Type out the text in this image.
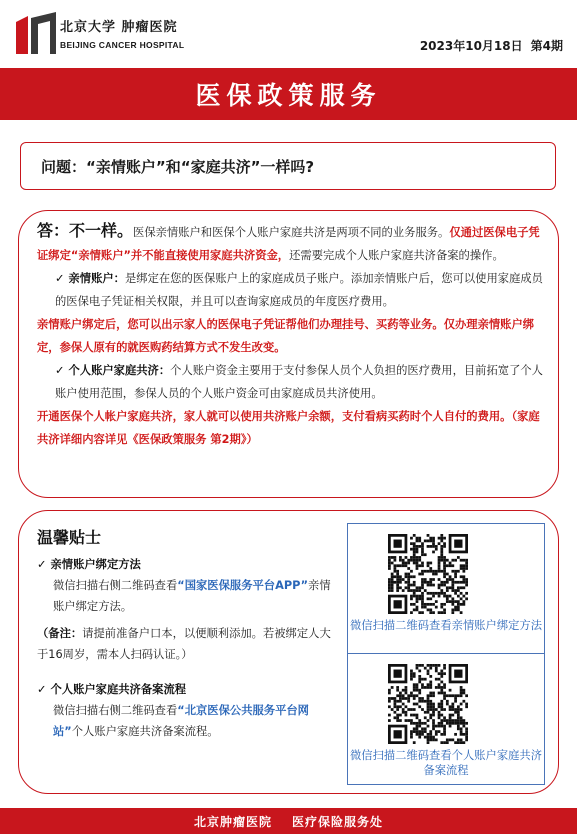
北京大学 肿瘤医院
BEIJING CANCER HOSPITAL	2023年10月18日 第4期
医保政策服务
问题：“亲情账户”和“家庭共济”一样吗?
答：不一样。医保亲情账户和医保个人账户家庭共济是两项不同的业务服务。仅通过医保电子凭证绑定“亲情账户”并不能直接使用家庭共济资金，还需要完成个人账户家庭共济备案的操作。
✓ 亲情账户：是绑定在您的医保账户上的家庭成员子账户。添加亲情账户后，您可以使用家庭成员的医保电子凭证相关权限，并且可以查询家庭成员的年度医疗费用。
亲情账户绑定后，您可以出示家人的医保电子凭证帮他们办理挂号、买药等业务。仅办理亲情账户绑定，参保人原有的就医购药结算方式不发生改变。
✓ 个人账户家庭共济：个人账户资金主要用于支付参保人员个人负担的医疗费用，目前拓宽了个人账户使用范围，参保人员的个人账户资金可由家庭成员共济使用。
开通医保个人帐户家庭共济，家人就可以使用共济账户余额，支付看病买药时个人自付的费用。（家庭共济详细内容详见《医保政策服务 第2期》）
温馨贴士
✓ 亲情账户绑定方法
微信扫描右侧二维码查看“国家医保服务平台APP”亲情账户绑定方法。
（备注：请提前准备户口本，以便顺利添加。若被绑定人大于16周岁，需本人扫码认证。）
✓ 个人账户家庭共济备案流程
微信扫描右侧二维码查看“北京医保公共服务平台网站”个人账户家庭共济备案流程。
微信扫描二维码查看亲情账户绑定方法
微信扫描二维码查看个人账户家庭共济备案流程
北京肿瘤医院 医疗保险服务处
